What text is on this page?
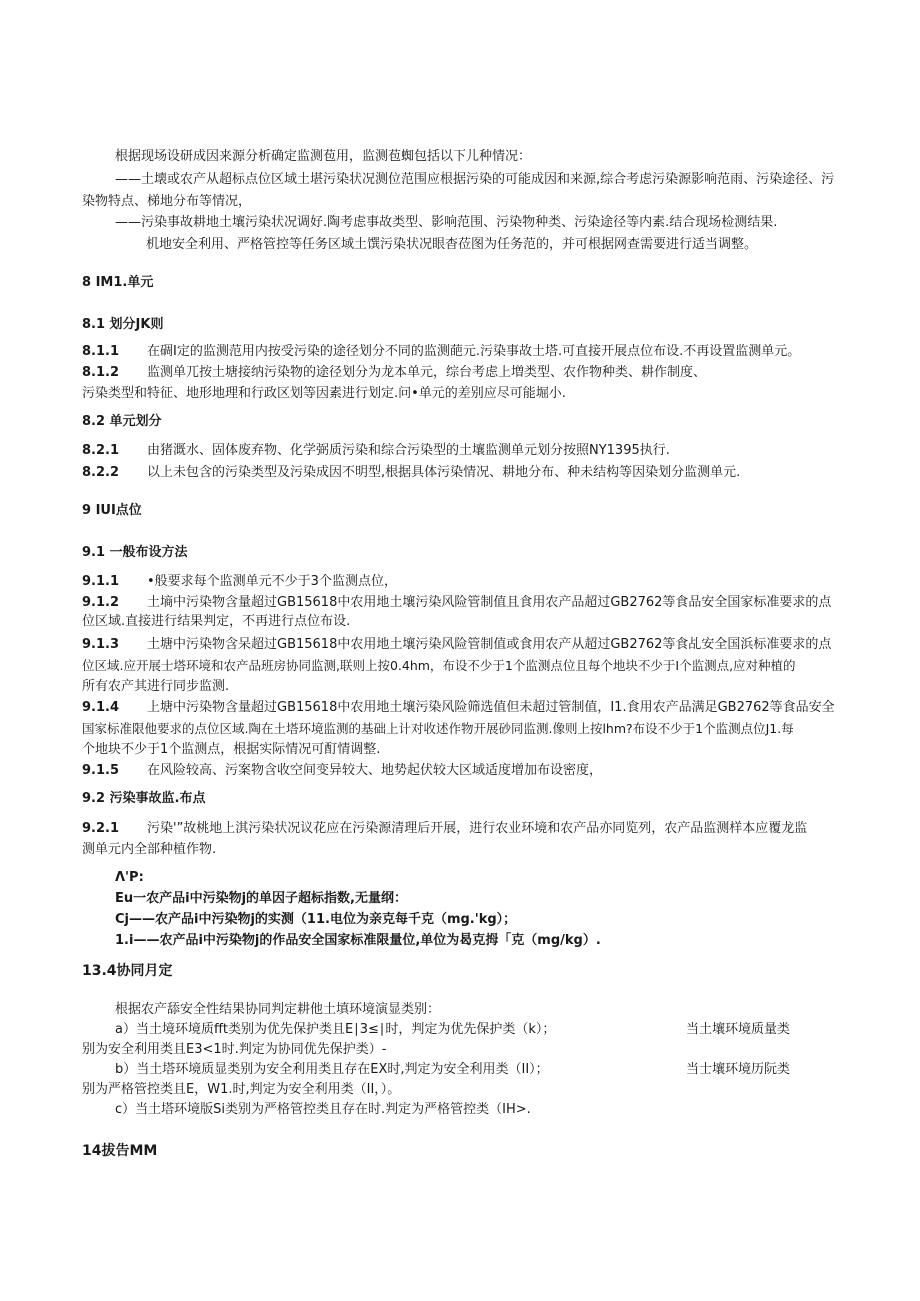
根据现场设研成因来源分析确定监测苞用，监测苞蜘包括以下儿种情况：
——土壊或农产从超标点位区域土堪污染状况测位范围应根据污染的可能成因和来源,综合考虑污染源影响范雨、污染途径、污
染物特点、梯地分布等情况，
——污染事故耕地土壤污染状况调好.陶考虑事故类型、影响范围、污染物种类、污染途径等内素.结合现场检测结果.
机地安全利用、严格管控等任务区域土馔污染状况眼杳莅图为任务范的，并可根据网查需要进行适当调整。
8 IM1.单元
8.1 划分JK则
8.1.1 在碉I定的监测范用内按受污染的途径划分不同的监测葩元.污染事故土塔.可直接开展点位布设.不再设置监测单元。
8.1.2 监测单兀按土塘接纳污染物的途径划分为龙本单元，综台考虑上増类型、农作物种类、耕作制度、
污染类型和特征、地形地理和行政区划等因素进行划定.问•单元的差别应尽可能堀小.
8.2 单元划分
8.2.1 由猪溉水、固体废弃物、化学弼质污染和综合污染型的土壤监测单元划分按照NY1395执行.
8.2.2 以上未包含的污染类型及污染成因不明型,根据具体污染情况、耕地分布、种未结构等因染划分监测单元.
9 IUI点位
9.1 一般布设方法
9.1.1 •般要求每个监测单元不少于3个监测点位，
9.1.2 土墒中污染物含量超过GB15618中农用地土壤污染风险管制值且食用农产品超过GB2762等食品安全国家标准要求的点
位区域.直接进行结果判定，不再进行点位布设.
9.1.3 土塘中污染物含呆超过GB15618中农用地土壤污染风险管制值或食用农产从超过GB2762等食乩安全国浜标准要求的点
位区域.应开展士塔环境和农产品班房协同监测,联则上按0.4hm，布设不少于1个监测点位且每个地块不少于I个监测点,应对种植的
所有农产其进行同步监测.
9.1.4 上塘中污染物含量超过GB15618中农用地土壤污染风险筛选值但未超过管制值，I1.食用农产品满足GB2762等食品安全
国家标准限他要求的点位区域.陶在土塔环境监测的基础上计对收述作物开展砂同监测.像则上按lhm?布设不少于1个监测点位J1.每
个地块不少于1个监测点，根据实际情况可酊情调整.
9.1.5 在风险较高、污案物含收空间变异较大、地势起伏较大区域适度增加布设密度，
9.2 污染事故监.布点
9.2.1 污染'”故桃地上淇污染状况议花应在污染源清理后开展，进行农业环境和农产品亦同览列，农产品监测样本应覆龙监
测单元内全部种植作物.
Λ'P:
Eu一农产品i中污染物j的单因子超标指数,无量纲：
Cj——农产品i中污染物j的实测（11.电位为亲克每千克（mg.'kg）；
1.i——农产品i中污染物j的作品安全国家标准限量位,单位为曷克拇「克（mg/kg）.
13.4协同月定
根据农产舔安全性结果协同判定耕他土填环境演显类别：
a）当土境环境质fft类别为优先保护类且E∣3≤∣时，判定为优先保护类（k）；	当土壤环境质量类
别为安全利用类且E3<1时.判定为协同优先保护类）-
b）当土塔环境质显类别为安全利用类且存在EX时,判定为安全利用类（II）；	当士壤环境历阮类
别为严格管控类且E，W1.时,判定为安全利用类（II，）。
c）当土塔环境版Si类别为严格管控类且存在时.判定为严格管控类（IH>.
14拔告MM
